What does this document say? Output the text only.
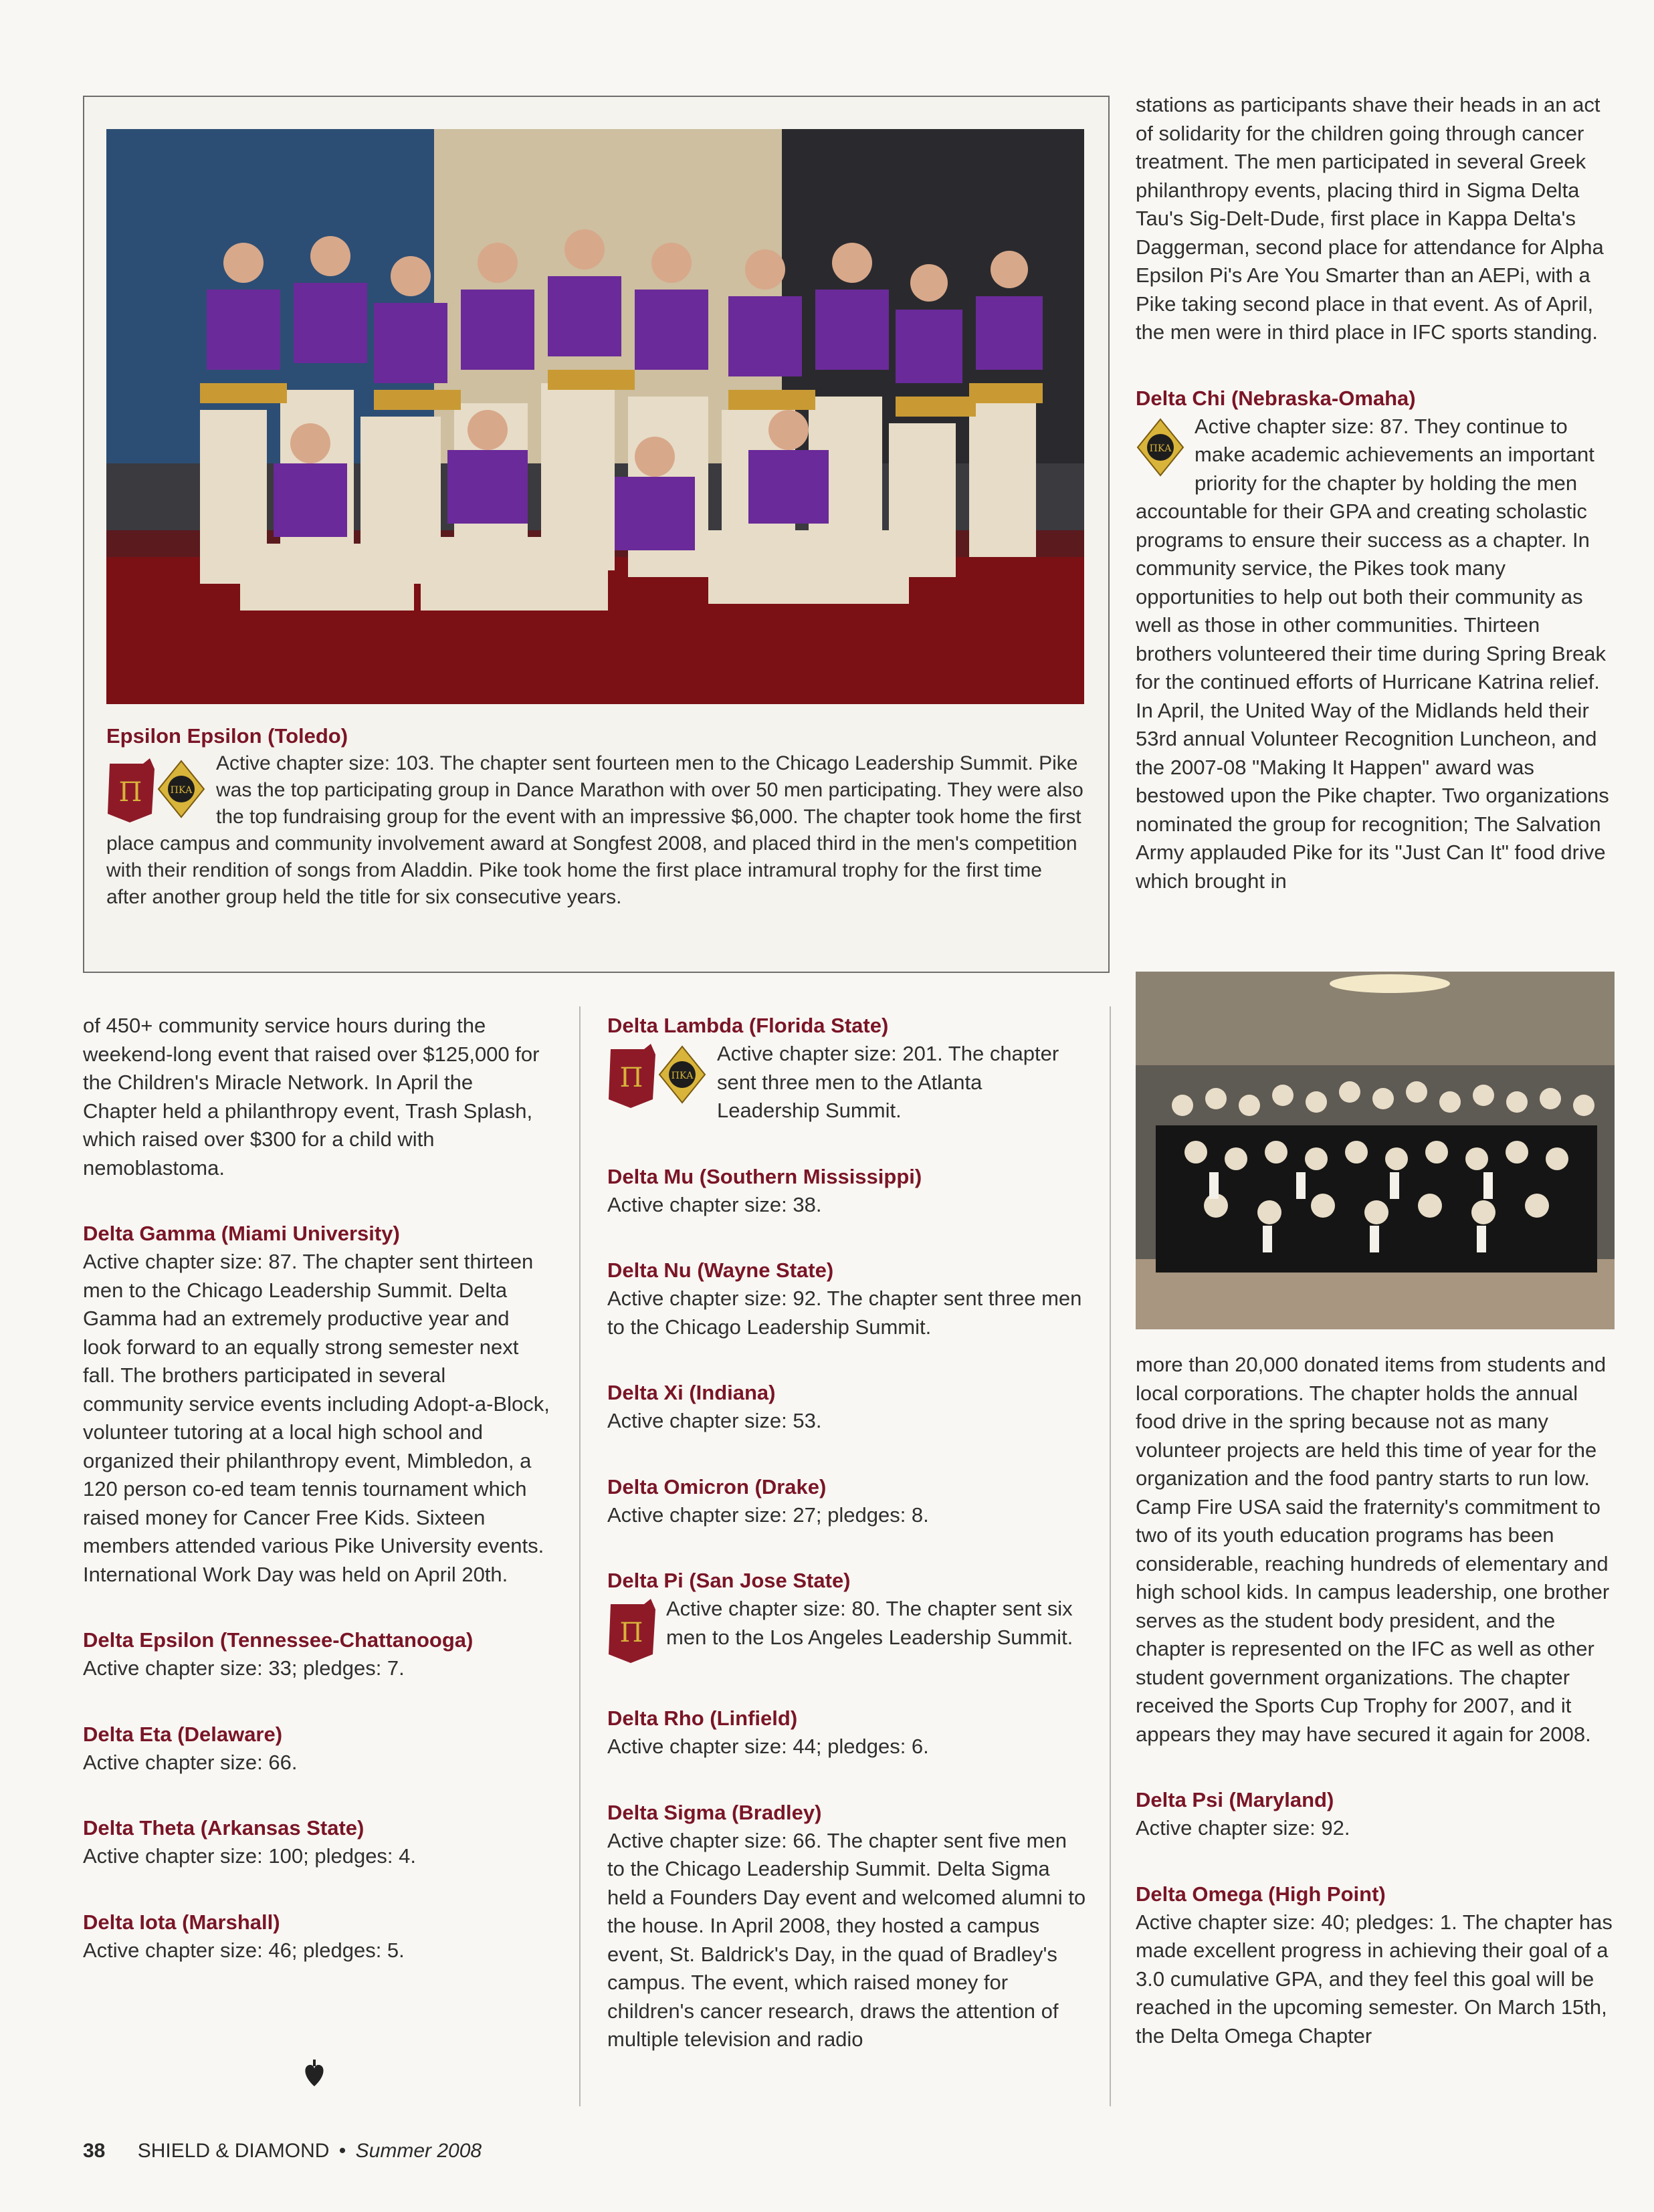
Epsilon Epsilon (Toledo)
Π	ΠΚΑ
Active chapter size: 103. The chapter sent fourteen men to the Chicago Leadership Summit. Pike was the top participating group in Dance Marathon with over 50 men participating. They were also the top fundraising group for the event with an impressive $6,000. The chapter took home the first place campus and community involvement award at Songfest 2008, and placed third in the men's competition with their rendition of songs from Aladdin. Pike took home the first place intramural trophy for the first time after another group held the title for six consecutive years.
of 450+ community service hours during the weekend-long event that raised over $125,000 for the Children's Miracle Network. In April the Chapter held a philanthropy event, Trash Splash, which raised over $300 for a child with nemoblastoma.
Delta Gamma (Miami University)
Active chapter size: 87. The chapter sent thirteen men to the Chicago Leadership Summit. Delta Gamma had an extremely productive year and look forward to an equally strong semester next fall. The brothers participated in several community service events including Adopt-a-Block, volunteer tutoring at a local high school and organized their philanthropy event, Mimbledon, a 120 person co-ed team tennis tournament which raised money for Cancer Free Kids. Sixteen members attended various Pike University events. International Work Day was held on April 20th.
Delta Epsilon (Tennessee-Chattanooga)
Active chapter size: 33; pledges: 7.
Delta Eta (Delaware)
Active chapter size: 66.
Delta Theta (Arkansas State)
Active chapter size: 100; pledges: 4.
Delta Iota (Marshall)
Active chapter size: 46; pledges: 5.
Delta Lambda (Florida State)
Π	ΠΚΑ
Active chapter size: 201. The chapter sent three men to the Atlanta Leadership Summit.
Delta Mu (Southern Mississippi)
Active chapter size: 38.
Delta Nu (Wayne State)
Active chapter size: 92. The chapter sent three men to the Chicago Leadership Summit.
Delta Xi (Indiana)
Active chapter size: 53.
Delta Omicron (Drake)
Active chapter size: 27; pledges: 8.
Delta Pi (San Jose State)
Π
Active chapter size: 80. The chapter sent six men to the Los Angeles Leadership Summit.
Delta Rho (Linfield)
Active chapter size: 44; pledges: 6.
Delta Sigma (Bradley)
Active chapter size: 66. The chapter sent five men to the Chicago Leadership Summit. Delta Sigma held a Founders Day event and welcomed alumni to the house. In April 2008, they hosted a campus event, St. Baldrick's Day, in the quad of Bradley's campus. The event, which raised money for children's cancer research, draws the attention of multiple television and radio
stations as participants shave their heads in an act of solidarity for the children going through cancer treatment. The men participated in several Greek philanthropy events, placing third in Sigma Delta Tau's Sig-Delt-Dude, first place in Kappa Delta's Daggerman, second place for attendance for Alpha Epsilon Pi's Are You Smarter than an AEPi, with a Pike taking second place in that event. As of April, the men were in third place in IFC sports standing.
Delta Chi (Nebraska-Omaha)
ΠΚΑ
Active chapter size: 87. They continue to make academic achievements an important priority for the chapter by holding the men accountable for their GPA and creating scholastic programs to ensure their success as a chapter. In community service, the Pikes took many opportunities to help out both their community as well as those in other communities. Thirteen brothers volunteered their time during Spring Break for the continued efforts of Hurricane Katrina relief. In April, the United Way of the Midlands held their 53rd annual Volunteer Recognition Luncheon, and the 2007-08 "Making It Happen" award was bestowed upon the Pike chapter. Two organizations nominated the group for recognition; The Salvation Army applauded Pike for its "Just Can It" food drive which brought in
more than 20,000 donated items from students and local corporations. The chapter holds the annual food drive in the spring because not as many volunteer projects are held this time of year for the organization and the food pantry starts to run low. Camp Fire USA said the fraternity's commitment to two of its youth education programs has been considerable, reaching hundreds of elementary and high school kids. In campus leadership, one brother serves as the student body president, and the chapter is represented on the IFC as well as other student government organizations. The chapter received the Sports Cup Trophy for 2007, and it appears they may have secured it again for 2008.
Delta Psi (Maryland)
Active chapter size: 92.
Delta Omega (High Point)
Active chapter size: 40; pledges: 1. The chapter has made excellent progress in achieving their goal of a 3.0 cumulative GPA, and they feel this goal will be reached in the upcoming semester. On March 15th, the Delta Omega Chapter
38 SHIELD & DIAMOND • Summer 2008
